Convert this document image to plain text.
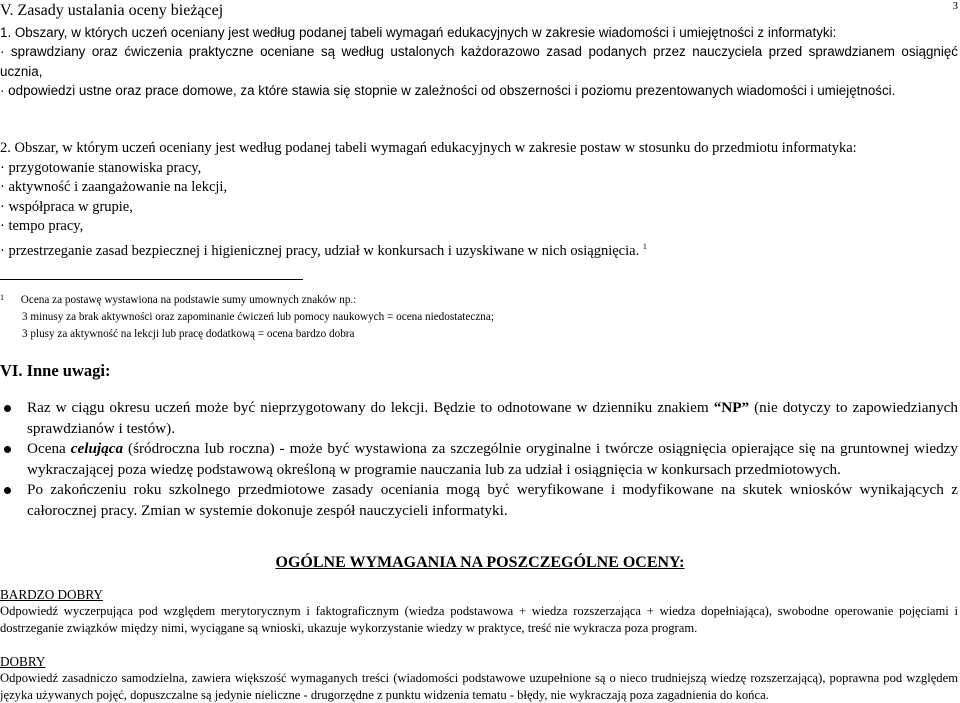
3
V. Zasady ustalania oceny bieżącej
1. Obszary, w których uczeń oceniany jest według podanej tabeli wymagań edukacyjnych w zakresie wiadomości i umiejętności z informatyki:
· sprawdziany oraz ćwiczenia praktyczne oceniane są według ustalonych każdorazowo zasad podanych przez nauczyciela przed sprawdzianem osiągnięć ucznia,
· odpowiedzi ustne oraz prace domowe, za które stawia się stopnie w zależności od obszerności i poziomu prezentowanych wiadomości i umiejętności.
2. Obszar, w którym uczeń oceniany jest według podanej tabeli wymagań edukacyjnych w zakresie postaw w stosunku do przedmiotu informatyka:
· przygotowanie stanowiska pracy,
· aktywność i zaangażowanie na lekcji,
· współpraca w grupie,
· tempo pracy,
· przestrzeganie zasad bezpiecznej i higienicznej pracy, udział w konkursach i uzyskiwane w nich osiągnięcia. $^1$
$^1$ Ocena za postawę wystawiona na podstawie sumy umownych znaków np.:
3 minusy za brak aktywności oraz zapominanie ćwiczeń lub pomocy naukowych = ocena niedostateczna;
3 plusy za aktywność na lekcji lub pracę dodatkową = ocena bardzo dobra
VI. Inne uwagi:
Raz w ciągu okresu uczeń może być nieprzygotowany do lekcji. Będzie to odnotowane w dzienniku znakiem “NP” (nie dotyczy to zapowiedzianych sprawdzianów i testów).
Ocena celująca (śródroczna lub roczna) - może być wystawiona za szczególnie oryginalne i twórcze osiągnięcia opierające się na gruntownej wiedzy wykraczającej poza wiedzę podstawową określoną w programie nauczania lub za udział i osiągnięcia w konkursach przedmiotowych.
Po zakończeniu roku szkolnego przedmiotowe zasady oceniania mogą być weryfikowane i modyfikowane na skutek wniosków wynikających z całorocznej pracy. Zmian w systemie dokonuje zespół nauczycieli informatyki.
OGÓLNE WYMAGANIA NA POSZCZEGÓLNE OCENY:
BARDZO DOBRY
Odpowiedź wyczerpująca pod względem merytorycznym i faktograficznym (wiedza podstawowa + wiedza rozszerzająca + wiedza dopełniająca), swobodne operowanie pojęciami i dostrzeganie związków między nimi, wyciągane są wnioski, ukazuje wykorzystanie wiedzy w praktyce, treść nie wykracza poza program.
DOBRY
Odpowiedź zasadniczo samodzielna, zawiera większość wymaganych treści (wiadomości podstawowe uzupełnione są o nieco trudniejszą wiedzę rozszerzającą), poprawna pod względem języka używanych pojęć, dopuszczalne są jedynie nieliczne - drugorzędne z punktu widzenia tematu - błędy, nie wykraczają poza zagadnienia do końca.
